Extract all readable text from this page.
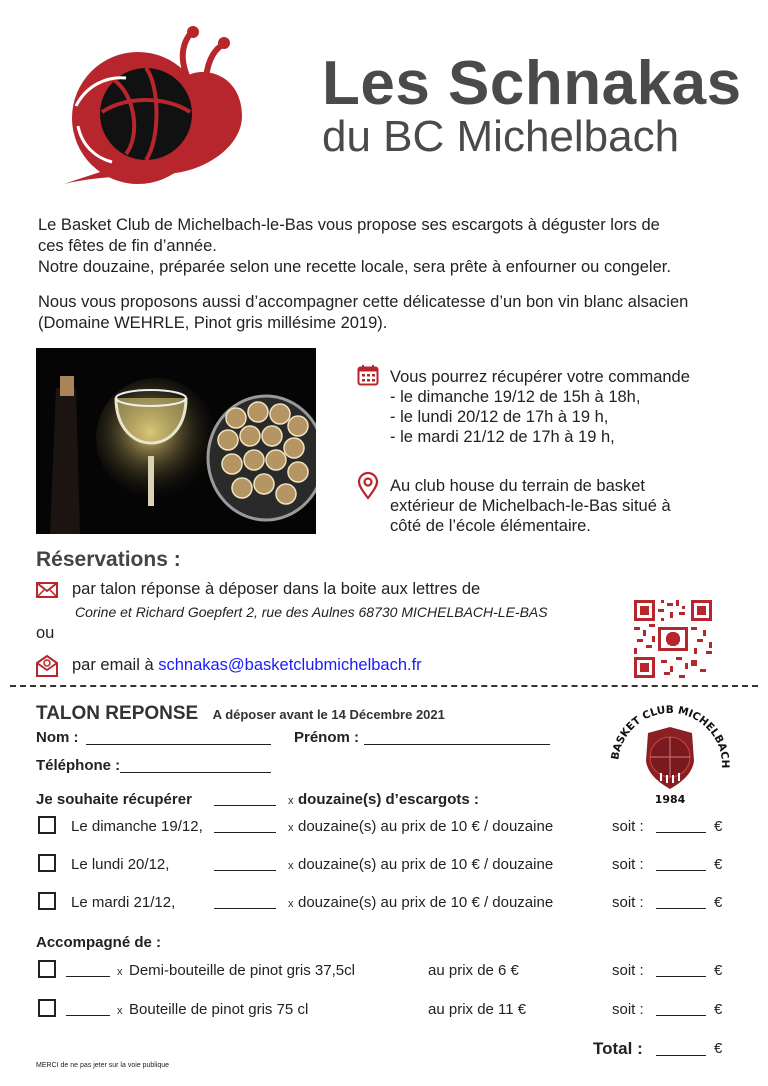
Les Schnakas
du BC Michelbach
Le Basket Club de Michelbach-le-Bas vous propose ses escargots à déguster lors de
ces fêtes de fin d’année.
Notre douzaine, préparée selon une recette locale, sera prête à enfourner ou congeler.
Nous vous proposons aussi d’accompagner cette délicatesse d’un bon vin blanc alsacien
(Domaine WEHRLE, Pinot gris millésime 2019).
Vous pourrez récupérer votre commande
- le dimanche 19/12 de 15h à 18h,
- le lundi 20/12 de 17h à 19 h,
- le mardi 21/12 de 17h à 19 h,
Au club house du terrain de basket
extérieur de Michelbach-le-Bas situé à
côté de l’école élémentaire.
Réservations :
par talon réponse à déposer dans la boite aux lettres de
Corine et Richard Goepfert 2, rue des Aulnes 68730 MICHELBACH-LE-BAS
ou
par email à schnakas@basketclubmichelbach.fr
TALON REPONSE A déposer avant le 14 Décembre 2021
Nom :	Prénom :
Téléphone :
Je souhaite récupérer	x douzaine(s) d’escargots :
Le dimanche 19/12,	x douzaine(s) au prix de 10 € / douzaine	soit :	€
Le lundi 20/12,	x douzaine(s) au prix de 10 € / douzaine	soit :	€
Le mardi 21/12,	x douzaine(s) au prix de 10 € / douzaine	soit :	€
Accompagné de :
x Demi-bouteille de pinot gris 37,5cl	au prix de 6 €	soit :	€
x Bouteille de pinot gris 75 cl	au prix de 11 €	soit :	€
Total :	€
BASKET CLUB MICHELBACH
1984
MERCI de ne pas jeter sur la voie publique
